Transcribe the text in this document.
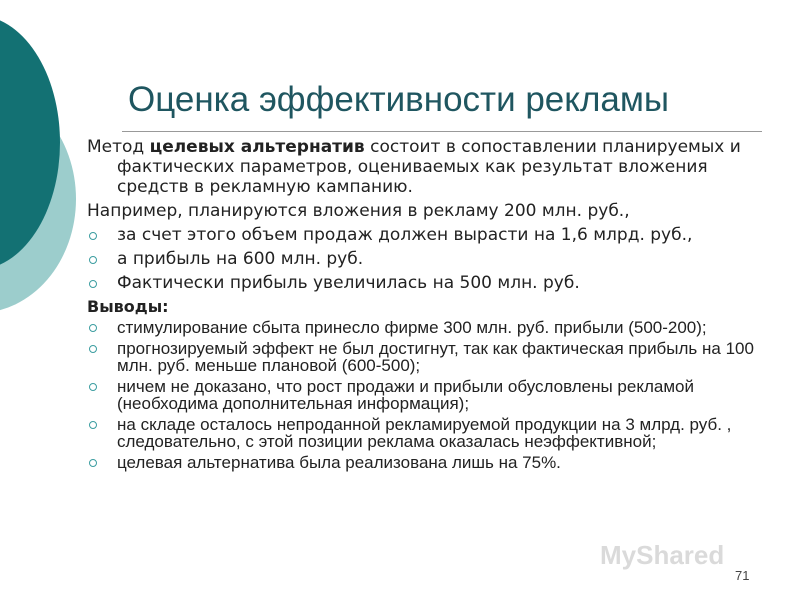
Оценка эффективности рекламы

Метод целевых альтернатив состоит в сопоставлении планируемых и фактических параметров, оцениваемых как результат вложения средств в рекламную кампанию.

Например, планируются вложения в рекламу 200 млн. руб.,

за счет этого объем продаж должен вырасти на 1,6 млрд. руб.,
а прибыль на 600 млн. руб.
Фактически прибыль увеличилась на 500 млн. руб.

Выводы:

стимулирование сбыта принесло фирме 300 млн. руб. прибыли (500-200);
прогнозируемый эффект не был достигнут, так как фактическая прибыль на 100 млн. руб. меньше плановой (600-500);
ничем не доказано, что рост продажи и прибыли обусловлены рекламой (необходима дополнительная информация);
на складе осталось непроданной рекламируемой продукции на 3 млрд. руб. , следовательно, с этой позиции реклама оказалась неэффективной;
целевая альтернатива была реализована лишь на 75%.
MyShared
71
